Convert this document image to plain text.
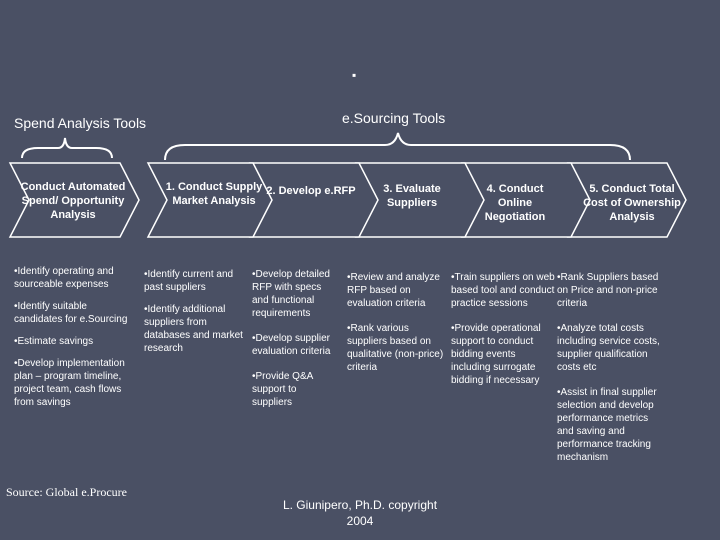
▪
Spend Analysis Tools	e.Sourcing Tools
Conduct Automated Spend/ Opportunity Analysis
1. Conduct Supply Market Analysis
2. Develop e.RFP	3. Evaluate Suppliers
4. Conduct Online Negotiation
5. Conduct Total Cost of Ownership Analysis

•Identify operating and sourceable expenses

•Identify suitable candidates for e.Sourcing

•Estimate savings

•Develop implementation plan – program timeline, project team, cash flows from savings

•Identify current and past suppliers

•Identify additional suppliers from databases and market research

•Develop detailed RFP with specs and functional requirements

•Develop supplier evaluation criteria

•Provide Q&A support to suppliers

•Review and analyze RFP based on evaluation criteria

•Rank various suppliers based on qualitative (non-price) criteria

•Train suppliers on web based tool and conduct practice sessions

•Provide operational support to conduct bidding events including surrogate bidding if necessary

•Rank Suppliers based on Price and non-price criteria

•Analyze total costs including service costs, supplier qualification costs etc

•Assist in final supplier selection and develop performance metrics and saving and performance tracking mechanism

Source: Global e.Procure
L. Giunipero, Ph.D. copyright 2004
